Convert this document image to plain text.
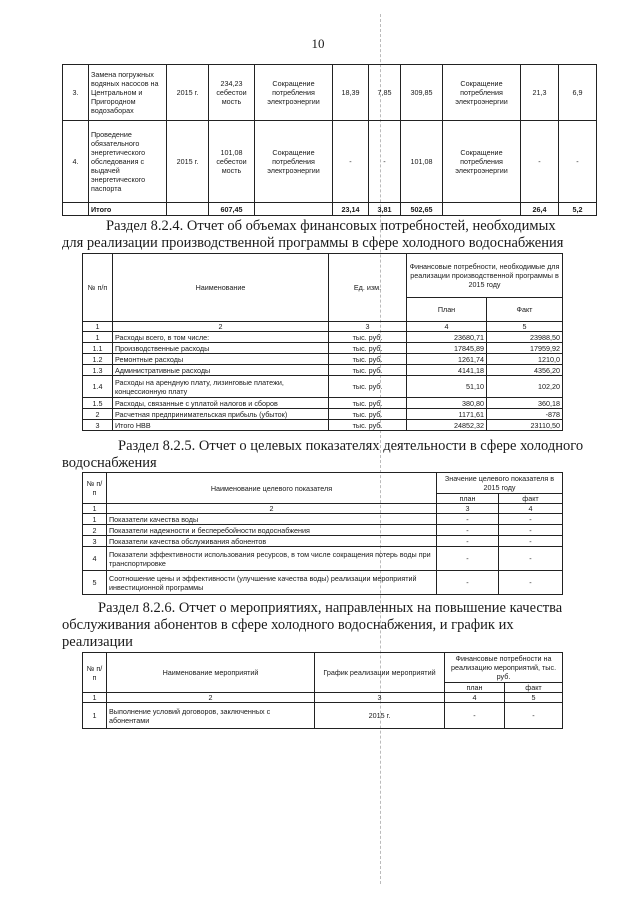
10
3.	Замена погружных водяных насосов на Центральном и Пригородном водозаборах	2015 г.	234,23 себестои мость	Сокращение потребления электроэнергии	18,39	7,85	309,85	Сокращение потребления электроэнергии	21,3	6,9
4.	Проведение обязательного энергетического обследования с выдачей энергетического паспорта	2015 г.	101,08 себестои мость	Сокращение потребления электроэнергии	-	-	101,08	Сокращение потребления электроэнергии	-	-
	Итого		607,45		23,14	3,81	502,65		26,4	5,2
Раздел 8.2.4. Отчет об объемах финансовых потребностей, необходимых
для реализации производственной программы в сфере холодного водоснабжения
№ п/п	Наименование	Ед. изм.	Финансовые потребности, необходимые для реализации производственной программы в 2015 году	
			План	Факт
1	2	3	4	5
1	Расходы всего, в том числе:	тыс. руб.	23680,71	23988,50
1.1	Производственные расходы	тыс. руб.	17845,89	17959,92
1.2	Ремонтные расходы	тыс. руб.	1261,74	1210,0
1.3	Административные расходы	тыс. руб.	4141,18	4356,20
1.4	Расходы на арендную плату, лизинговые платежи, концессионную плату	тыс. руб.	51,10	102,20
1.5	Расходы, связанные с уплатой налогов и сборов	тыс. руб.	380,80	360,18
2	Расчетная предпринимательская прибыль (убыток)	тыс. руб.	1171,61	-878
3	Итого НВВ	тыс. руб.	24852,32	23110,50
Раздел 8.2.5. Отчет о целевых показателях деятельности в сфере холодного
водоснабжения
№ п/п	Наименование целевого показателя	Значение целевого показателя в 2015 году	
		план	факт
1	2	3	4
1	Показатели качества воды	-	-
2	Показатели надежности и бесперебойности водоснабжения	-	-
3	Показатели качества обслуживания абонентов	-	-
4	Показатели эффективности использования ресурсов, в том числе сокращения потерь воды при транспортировке	-	-
5	Соотношение цены и эффективности (улучшение качества воды) реализации мероприятий инвестиционной программы	-	-
Раздел 8.2.6. Отчет о мероприятиях, направленных на повышение качества
обслуживания абонентов в сфере холодного водоснабжения, и график их
реализации
№ п/п	Наименование мероприятий	График реализации мероприятий	Финансовые потребности на реализацию мероприятий, тыс. руб.	
			план	факт
1	2	3	4	5
1	Выполнение условий договоров, заключенных с абонентами	2015 г.	-	-
